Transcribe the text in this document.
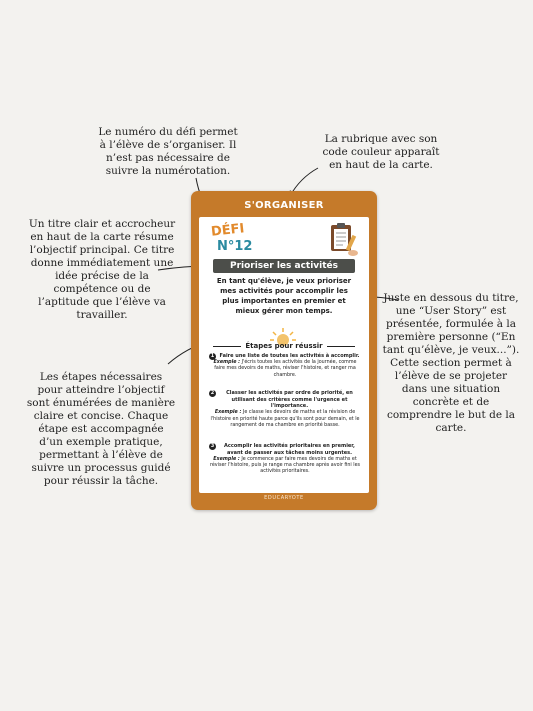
Le numéro du défi permet à l’élève de s’organiser. Il n’est pas nécessaire de suivre la numérotation.
La rubrique avec son code couleur apparaît en haut de la carte.
Un titre clair et accrocheur en haut de la carte résume l’objectif principal. Ce titre donne immédiatement une idée précise de la compétence ou de l’aptitude que l’élève va travailler.
Juste en dessous du titre, une “User Story” est présentée, formulée à la première personne (“En tant qu’élève, je veux...”). Cette section permet à l’élève de se projeter dans une situation concrète et de comprendre le but de la carte.
Les étapes nécessaires pour atteindre l’objectif sont énumérées de manière claire et concise. Chaque étape est accompagnée d’un exemple pratique, permettant à l’élève de suivre un processus guidé pour réussir la tâche.
S'ORGANISER
DÉFI
N°12
Prioriser les activités
En tant qu'élève, je veux prioriser mes activités pour accomplir les plus importantes en premier et mieux gérer mon temps.
Étapes pour réussir
1	Faire une liste de toutes les activités à accomplir.
Exemple : J'écris toutes les activités de la journée, comme faire mes devoirs de maths, réviser l'histoire, et ranger ma chambre.
2	Classer les activités par ordre de priorité, en utilisant des critères comme l'urgence et l'importance.
Exemple : Je classe les devoirs de maths et la révision de l'histoire en priorité haute parce qu'ils sont pour demain, et le rangement de ma chambre en priorité basse.
3	Accomplir les activités prioritaires en premier, avant de passer aux tâches moins urgentes.
Exemple : Je commence par faire mes devoirs de maths et réviser l'histoire, puis je range ma chambre après avoir fini les activités prioritaires.
EDUCARYOTE
